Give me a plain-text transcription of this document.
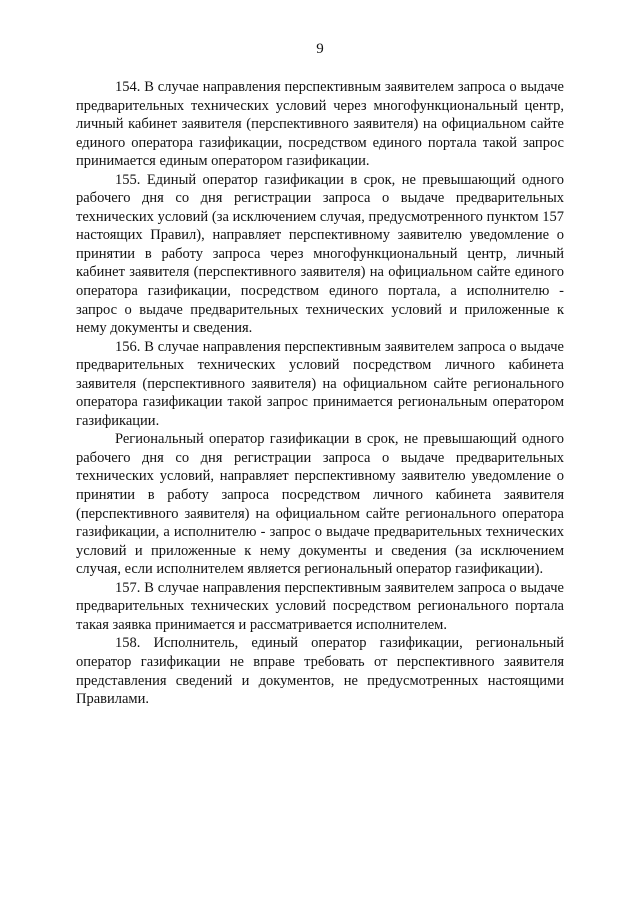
9

154. В случае направления перспективным заявителем запроса о выдаче предварительных технических условий через многофункциональный центр, личный кабинет заявителя (перспективного заявителя) на официальном сайте единого оператора газификации, посредством единого портала такой запрос принимается единым оператором газификации.

155. Единый оператор газификации в срок, не превышающий одного рабочего дня со дня регистрации запроса о выдаче предварительных технических условий (за исключением случая, предусмотренного пунктом 157 настоящих Правил), направляет перспективному заявителю уведомление о принятии в работу запроса через многофункциональный центр, личный кабинет заявителя (перспективного заявителя) на официальном сайте единого оператора газификации, посредством единого портала, а исполнителю - запрос о выдаче предварительных технических условий и приложенные к нему документы и сведения.

156. В случае направления перспективным заявителем запроса о выдаче предварительных технических условий посредством личного кабинета заявителя (перспективного заявителя) на официальном сайте регионального оператора газификации такой запрос принимается региональным оператором газификации.

Региональный оператор газификации в срок, не превышающий одного рабочего дня со дня регистрации запроса о выдаче предварительных технических условий, направляет перспективному заявителю уведомление о принятии в работу запроса посредством личного кабинета заявителя (перспективного заявителя) на официальном сайте регионального оператора газификации, а исполнителю - запрос о выдаче предварительных технических условий и приложенные к нему документы и сведения (за исключением случая, если исполнителем является региональный оператор газификации).

157. В случае направления перспективным заявителем запроса о выдаче предварительных технических условий посредством регионального портала такая заявка принимается и рассматривается исполнителем.

158. Исполнитель, единый оператор газификации, региональный оператор газификации не вправе требовать от перспективного заявителя представления сведений и документов, не предусмотренных настоящими Правилами.
